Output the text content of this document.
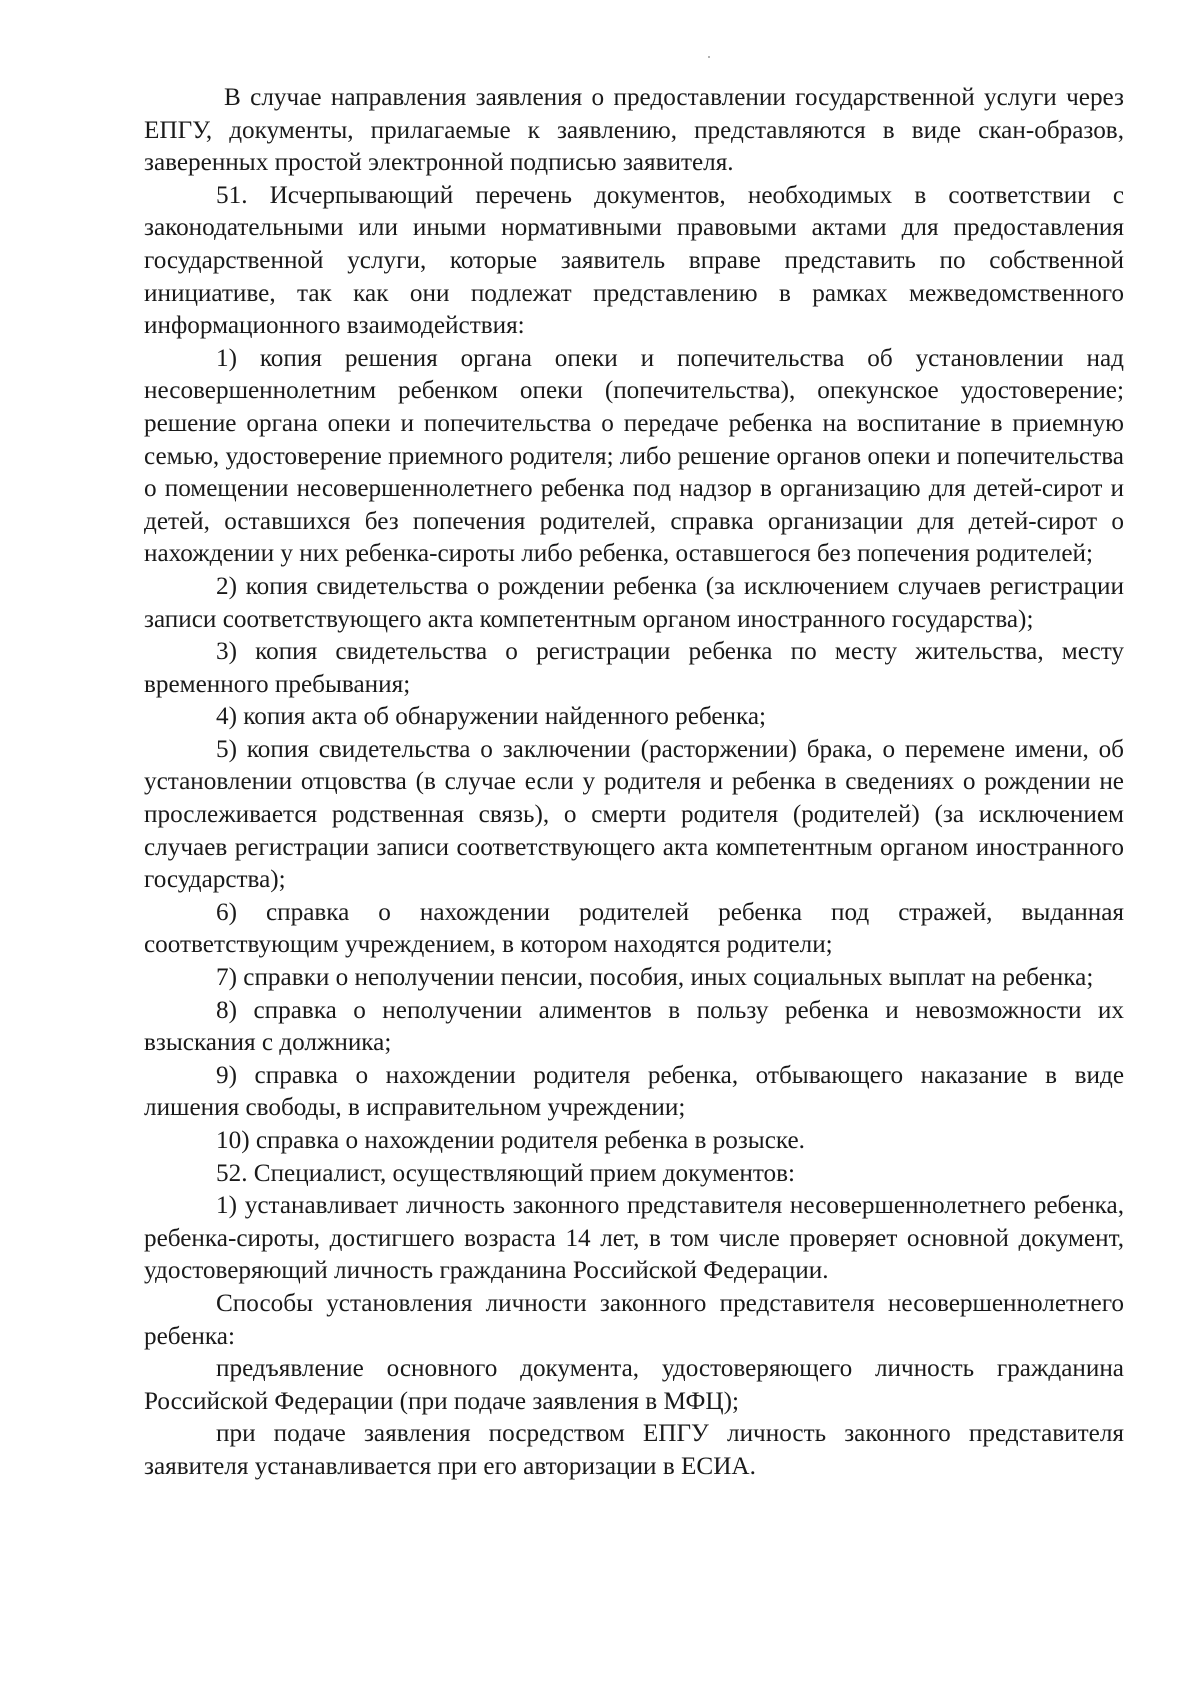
В случае направления заявления о предоставлении государственной услуги через ЕПГУ, документы, прилагаемые к заявлению, представляются в виде скан-образов, заверенных простой электронной подписью заявителя.

51. Исчерпывающий перечень документов, необходимых в соответствии с законодательными или иными нормативными правовыми актами для предоставления государственной услуги, которые заявитель вправе представить по собственной инициативе, так как они подлежат представлению в рамках межведомственного информационного взаимодействия:

1) копия решения органа опеки и попечительства об установлении над несовершеннолетним ребенком опеки (попечительства), опекунское удостоверение; решение органа опеки и попечительства о передаче ребенка на воспитание в приемную семью, удостоверение приемного родителя; либо решение органов опеки и попечительства о помещении несовершеннолетнего ребенка под надзор в организацию для детей-сирот и детей, оставшихся без попечения родителей, справка организации для детей-сирот о нахождении у них ребенка-сироты либо ребенка, оставшегося без попечения родителей;

2) копия свидетельства о рождении ребенка (за исключением случаев регистрации записи соответствующего акта компетентным органом иностранного государства);

3) копия свидетельства о регистрации ребенка по месту жительства, месту временного пребывания;

4) копия акта об обнаружении найденного ребенка;

5) копия свидетельства о заключении (расторжении) брака, о перемене имени, об установлении отцовства (в случае если у родителя и ребенка в сведениях о рождении не прослеживается родственная связь), о смерти родителя (родителей) (за исключением случаев регистрации записи соответствующего акта компетентным органом иностранного государства);

6) справка о нахождении родителей ребенка под стражей, выданная соответствующим учреждением, в котором находятся родители;

7) справки о неполучении пенсии, пособия, иных социальных выплат на ребенка;

8) справка о неполучении алиментов в пользу ребенка и невозможности их взыскания с должника;

9) справка о нахождении родителя ребенка, отбывающего наказание в виде лишения свободы, в исправительном учреждении;

10) справка о нахождении родителя ребенка в розыске.

52. Специалист, осуществляющий прием документов:

1) устанавливает личность законного представителя несовершеннолетнего ребенка, ребенка-сироты, достигшего возраста 14 лет, в том числе проверяет основной документ, удостоверяющий личность гражданина Российской Федерации.

Способы установления личности законного представителя несовершеннолетнего ребенка:

предъявление основного документа, удостоверяющего личность гражданина Российской Федерации (при подаче заявления в МФЦ);

при подаче заявления посредством ЕПГУ личность законного представителя заявителя устанавливается при его авторизации в ЕСИА.
